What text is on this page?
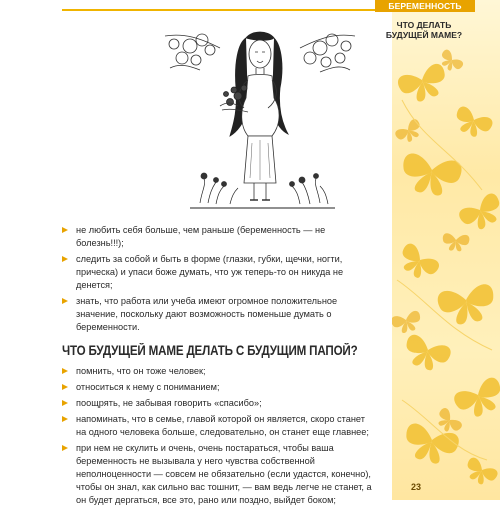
БЕРЕМЕННОСТЬ
ЧТО ДЕЛАТЬ
БУДУЩЕЙ МАМЕ?
не любить себя больше, чем раньше (беременность — не болезнь!!!);
следить за собой и быть в форме (глазки, губки, щечки, ногти, прическа) и упаси боже думать, что уж теперь-то он никуда не денется;
знать, что работа или учеба имеют огромное положительное значение, поскольку дают возможность поменьше думать о беременности.
ЧТО БУДУЩЕЙ МАМЕ ДЕЛАТЬ С БУДУЩИМ ПАПОЙ?
помнить, что он тоже человек;
относиться к нему с пониманием;
поощрять, не забывая говорить «спасибо»;
напоминать, что в семье, главой которой он является, скоро станет на одного человека больше, следовательно, он станет еще главнее;
при нем не скулить и очень, очень постараться, чтобы ваша беременность не вызывала у него чувства собственной неполноценности — совсем не обязательно (если удастся, конечно), чтобы он знал, как сильно вас тошнит, — вам ведь легче не станет, а он будет дергаться, все это, рано или поздно, выйдет боком;
23
